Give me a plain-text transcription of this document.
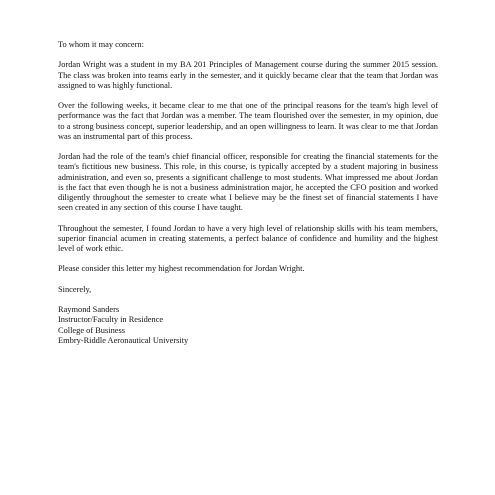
To whom it may concern:

Jordan Wright was a student in my BA 201 Principles of Management course during the summer 2015 session. The class was broken into teams early in the semester, and it quickly became clear that the team that Jordan was assigned to was highly functional.

Over the following weeks, it became clear to me that one of the principal reasons for the team's high level of performance was the fact that Jordan was a member. The team flourished over the semester, in my opinion, due to a strong business concept, superior leadership, and an open willingness to learn. It was clear to me that Jordan was an instrumental part of this process.

Jordan had the role of the team's chief financial officer, responsible for creating the financial statements for the team's fictitious new business. This role, in this course, is typically accepted by a student majoring in business administration, and even so, presents a significant challenge to most students. What impressed me about Jordan is the fact that even though he is not a business administration major, he accepted the CFO position and worked diligently throughout the semester to create what I believe may be the finest set of financial statements I have seen created in any section of this course I have taught.

Throughout the semester, I found Jordan to have a very high level of relationship skills with his team members, superior financial acumen in creating statements, a perfect balance of confidence and humility and the highest level of work ethic.

Please consider this letter my highest recommendation for Jordan Wright.

Sincerely,

Raymond Sanders
Instructor/Faculty in Residence
College of Business
Embry-Riddle Aeronautical University
